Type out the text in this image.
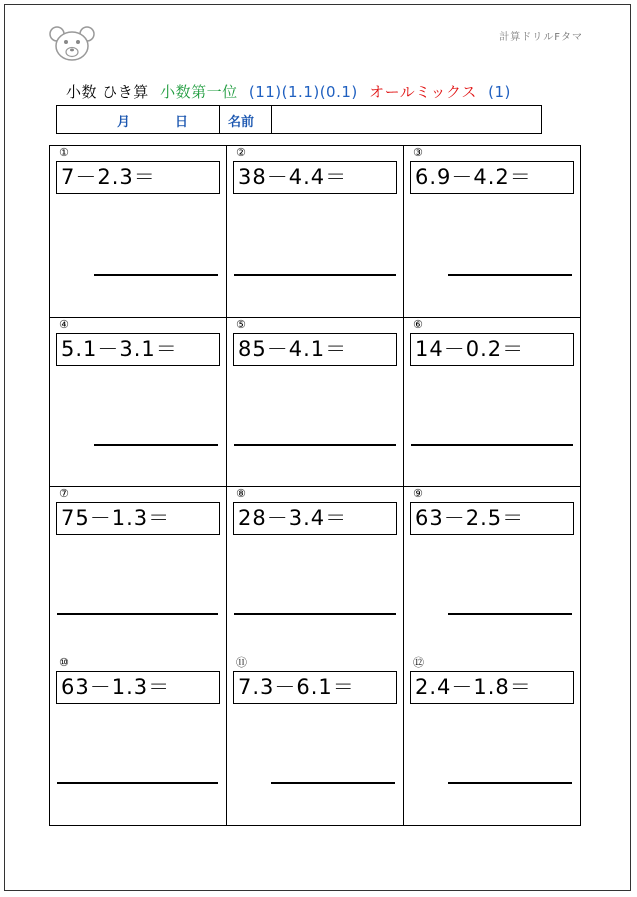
計算ドリルFタマ
小数 ひき算 小数第一位 (11)(1.1)(0.1) オールミックス (1)
月	日	名前
①
7－2.3＝
②
38－4.4＝
③
6.9－4.2＝
④
5.1－3.1＝
⑤
85－4.1＝
⑥
14－0.2＝
⑦
75－1.3＝
⑧
28－3.4＝
⑨
63－2.5＝
⑩
63－1.3＝
⑪
7.3－6.1＝
⑫
2.4－1.8＝
